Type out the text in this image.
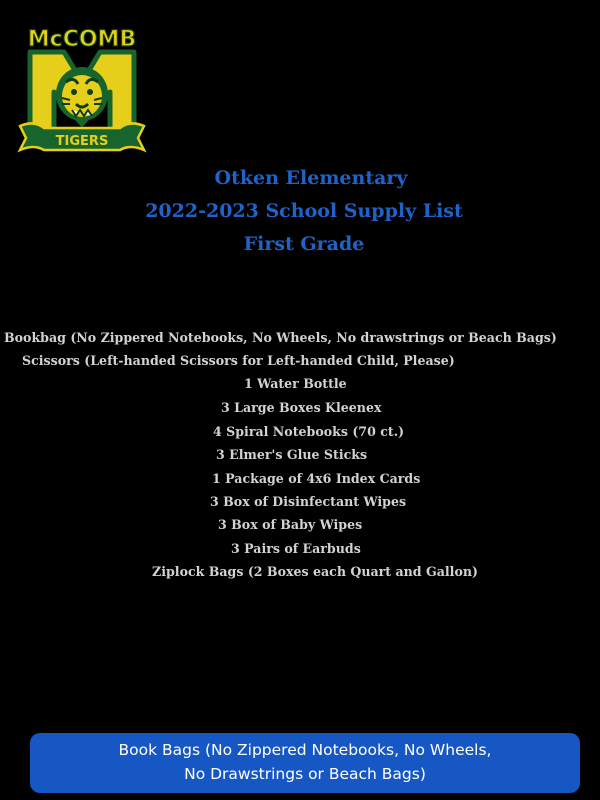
McCOMB
TIGERS
Otken Elementary
2022-2023 School Supply List
First Grade
Bookbag (No Zippered Notebooks, No Wheels, No drawstrings or Beach Bags)
Scissors (Left-handed Scissors for Left-handed Child, Please)
1 Water Bottle
3 Large Boxes Kleenex
4 Spiral Notebooks (70 ct.)
3 Elmer's Glue Sticks
1 Package of 4x6 Index Cards
3 Box of Disinfectant Wipes
3 Box of Baby Wipes
3 Pairs of Earbuds
Ziplock Bags (2 Boxes each Quart and Gallon)
Book Bags (No Zippered Notebooks, No Wheels,
No Drawstrings or Beach Bags)
